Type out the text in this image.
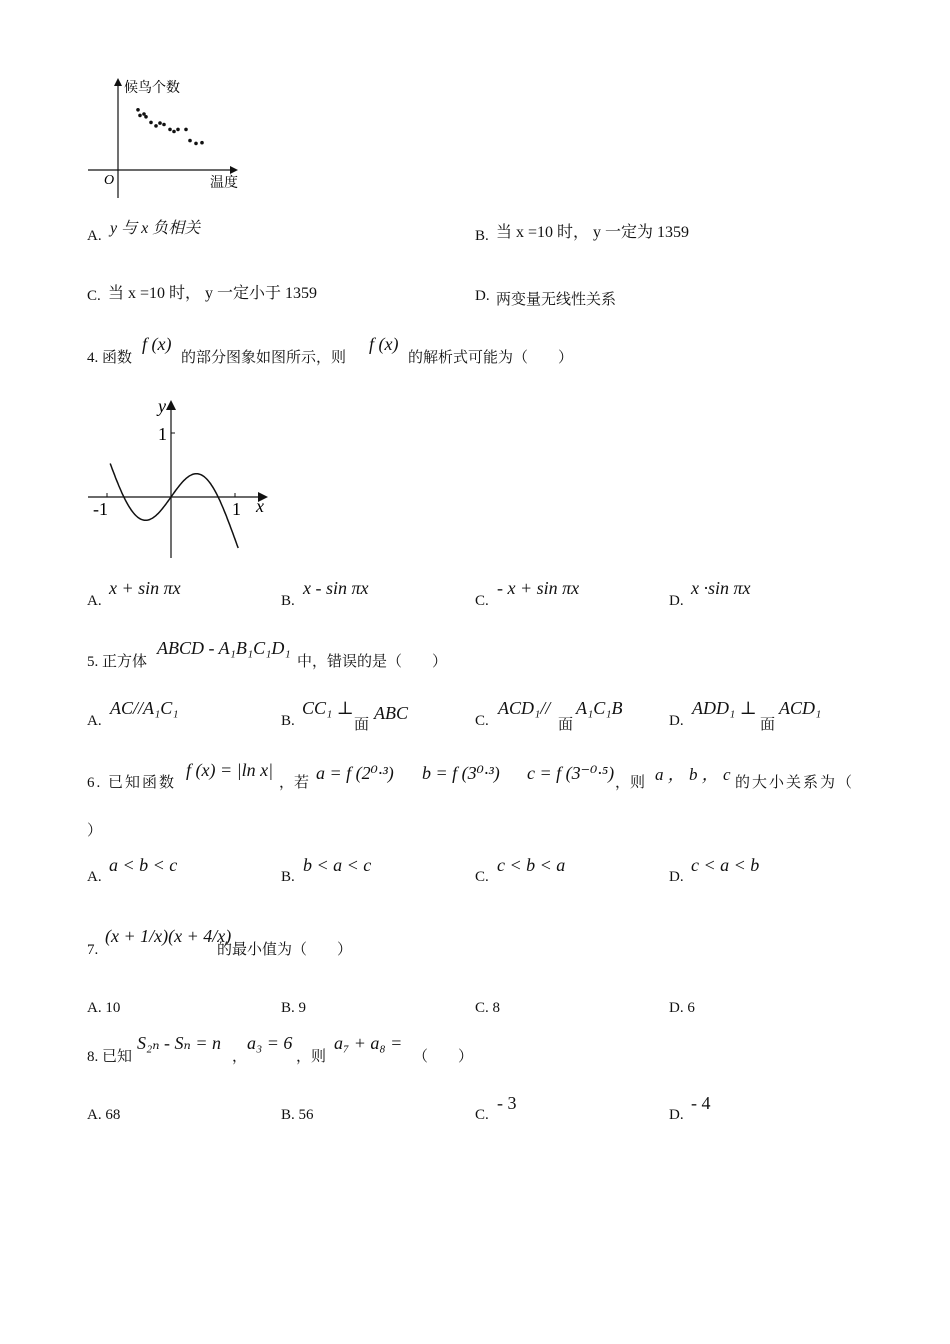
候鸟个数
温度
O
A. y 与 x 负相关	B. 当 x =10 时， y 一定为 1359
C. 当 x =10 时， y 一定小于 1359	D. 两变量无线性关系
4. 函数
f (x)
的部分图象如图所示，则
f (x)
的解析式可能为（　　）
y
x
1
-1	1
A.
x + sin πx
B.
x - sin πx
C.
- x + sin πx
D.
x ·sin πx
5. 正方体
ABCD - A₁B₁C₁D₁
中，错误的是（　　）
A.
AC//A₁C₁
B.
CC₁ ⊥
面
ABC	C.
ACD₁//
面
A₁C₁B
D.
ADD₁ ⊥
面
ACD₁
6. 已知函数
f (x) = |ln x|
，若 a = f (2⁰·³) b = f (3⁰·³) c = f (3⁻⁰·⁵) ，则 a ， b ， c 的大小关系为（
）
A.
a < b < c
B.
b < a < c
C.
c < b < a
D.
c < a < b
7.
(x + 1/x)(x + 4/x)
的最小值为（　　）
A. 10	B. 9	C. 8	D. 6
8. 已知
S₂ₙ - Sₙ = n
，
a₃ = 6
，则
a₇ + a₈ =
（　　）
A. 68	B. 56	C.
- 3
D.
- 4
